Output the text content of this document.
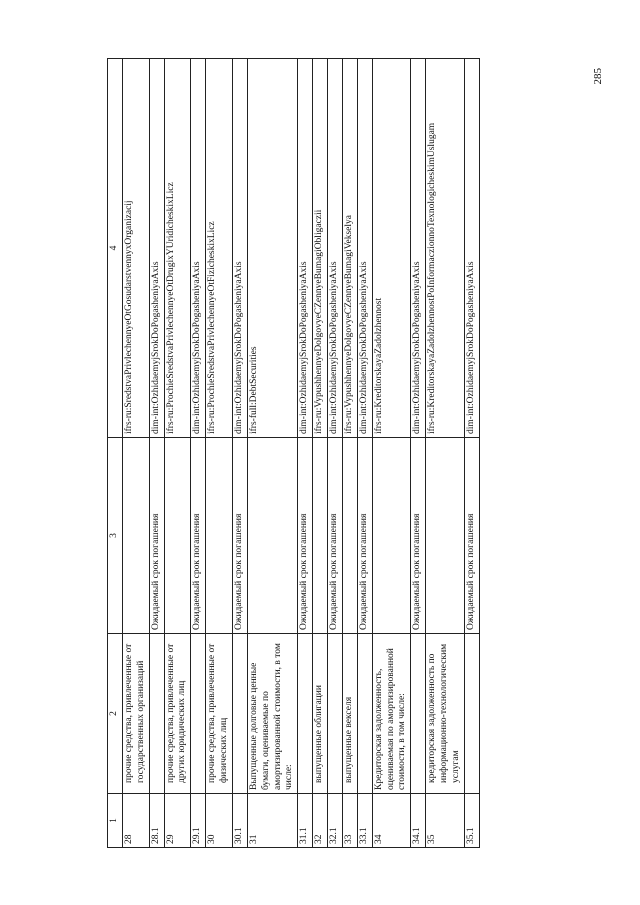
285
1	2	3	4
28	прочие средства, привлеченные от государственных организаций		ifrs-ru:SredstvaPrivlechennyeOtGosudarstvennyxOrganizacij
28.1		Ожидаемый срок погашения	dim-int:OzhidaemyjSrokDoPogasheniyaAxis
29	прочие средства, привлеченные от других юридических лиц		ifrs-ru:ProchieSredstvaPrivlechennyeOtDrugixYUridicheskixLicz
29.1		Ожидаемый срок погашения	dim-int:OzhidaemyjSrokDoPogasheniyaAxis
30	прочие средства, привлеченные от физических лиц		ifrs-ru:ProchieSredstvaPrivlechennyeOtFizicheskixLicz
30.1		Ожидаемый срок погашения	dim-int:OzhidaemyjSrokDoPogasheniyaAxis
31	Выпущенные долговые ценные бумаги, оцениваемые по амортизированной стоимости, в том числе:		ifrs-full:DebtSecurities
31.1		Ожидаемый срок погашения	dim-int:OzhidaemyjSrokDoPogasheniyaAxis
32	выпущенные облигации		ifrs-ru:VypushhennyeDolgovyeCZennyeBumagiObligaczii
32.1		Ожидаемый срок погашения	dim-int:OzhidaemyjSrokDoPogasheniyaAxis
33	выпущенные векселя		ifrs-ru:VypushhennyeDolgovyeCZennyeBumagiVekselya
33.1		Ожидаемый срок погашения	dim-int:OzhidaemyjSrokDoPogasheniyaAxis
34	Кредиторская задолженность, оцениваемая по амортизированной стоимости, в том числе:		ifrs-ru:KreditorskayaZadolzhennost
34.1		Ожидаемый срок погашения	dim-int:OzhidaemyjSrokDoPogasheniyaAxis
35	кредиторская задолженность по информационно-технологическим услугам		ifrs-ru:KreditorskayaZadolzhennostPoInformaczionnoTexnologicheskimUslugam
35.1		Ожидаемый срок погашения	dim-int:OzhidaemyjSrokDoPogasheniyaAxis
